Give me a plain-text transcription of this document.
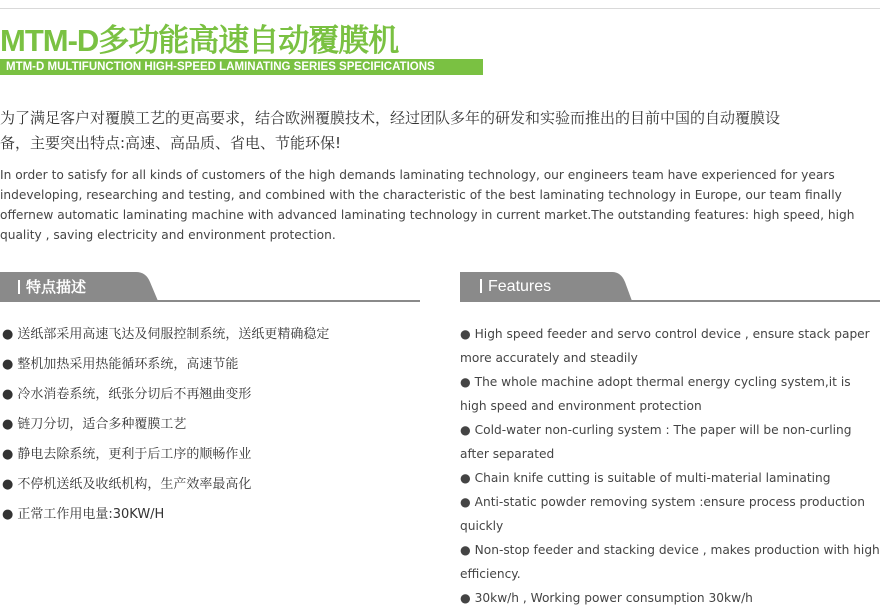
MTM-D多功能高速自动覆膜机
MTM-D MULTIFUNCTION HIGH-SPEED LAMINATING SERIES SPECIFICATIONS

为了满足客户对覆膜工艺的更高要求，结合欧洲覆膜技术，经过团队多年的研发和实验而推出的目前中国的自动覆膜设备，主要突出特点:高速、高品质、省电、节能环保!

In order to satisfy for all kinds of customers of the high demands laminating technology, our engineers team have experienced for years indeveloping, researching and testing, and combined with the characteristic of the best laminating technology in Europe, our team finally offernew automatic laminating machine with advanced laminating technology in current market.The outstanding features: high speed, high quality , saving electricity and environment protection.

特点描述	Features
● 送纸部采用高速飞达及伺服控制系统，送纸更精确稳定
● 整机加热采用热能循环系统，高速节能
● 冷水消卷系统，纸张分切后不再翘曲变形
● 链刀分切，适合多种覆膜工艺
● 静电去除系统，更利于后工序的顺畅作业
● 不停机送纸及收纸机构，生产效率最高化
● 正常工作用电量:30KW/H
● High speed feeder and servo control device , ensure stack paper more accurately and steadily
● The whole machine adopt thermal energy cycling system,it is high speed and environment protection
● Cold-water non-curling system : The paper will be non-curling after separated
● Chain knife cutting is suitable of multi-material laminating
● Anti-static powder removing system :ensure process production quickly
● Non-stop feeder and stacking device , makes production with high efficiency.
● 30kw/h , Working power consumption 30kw/h
